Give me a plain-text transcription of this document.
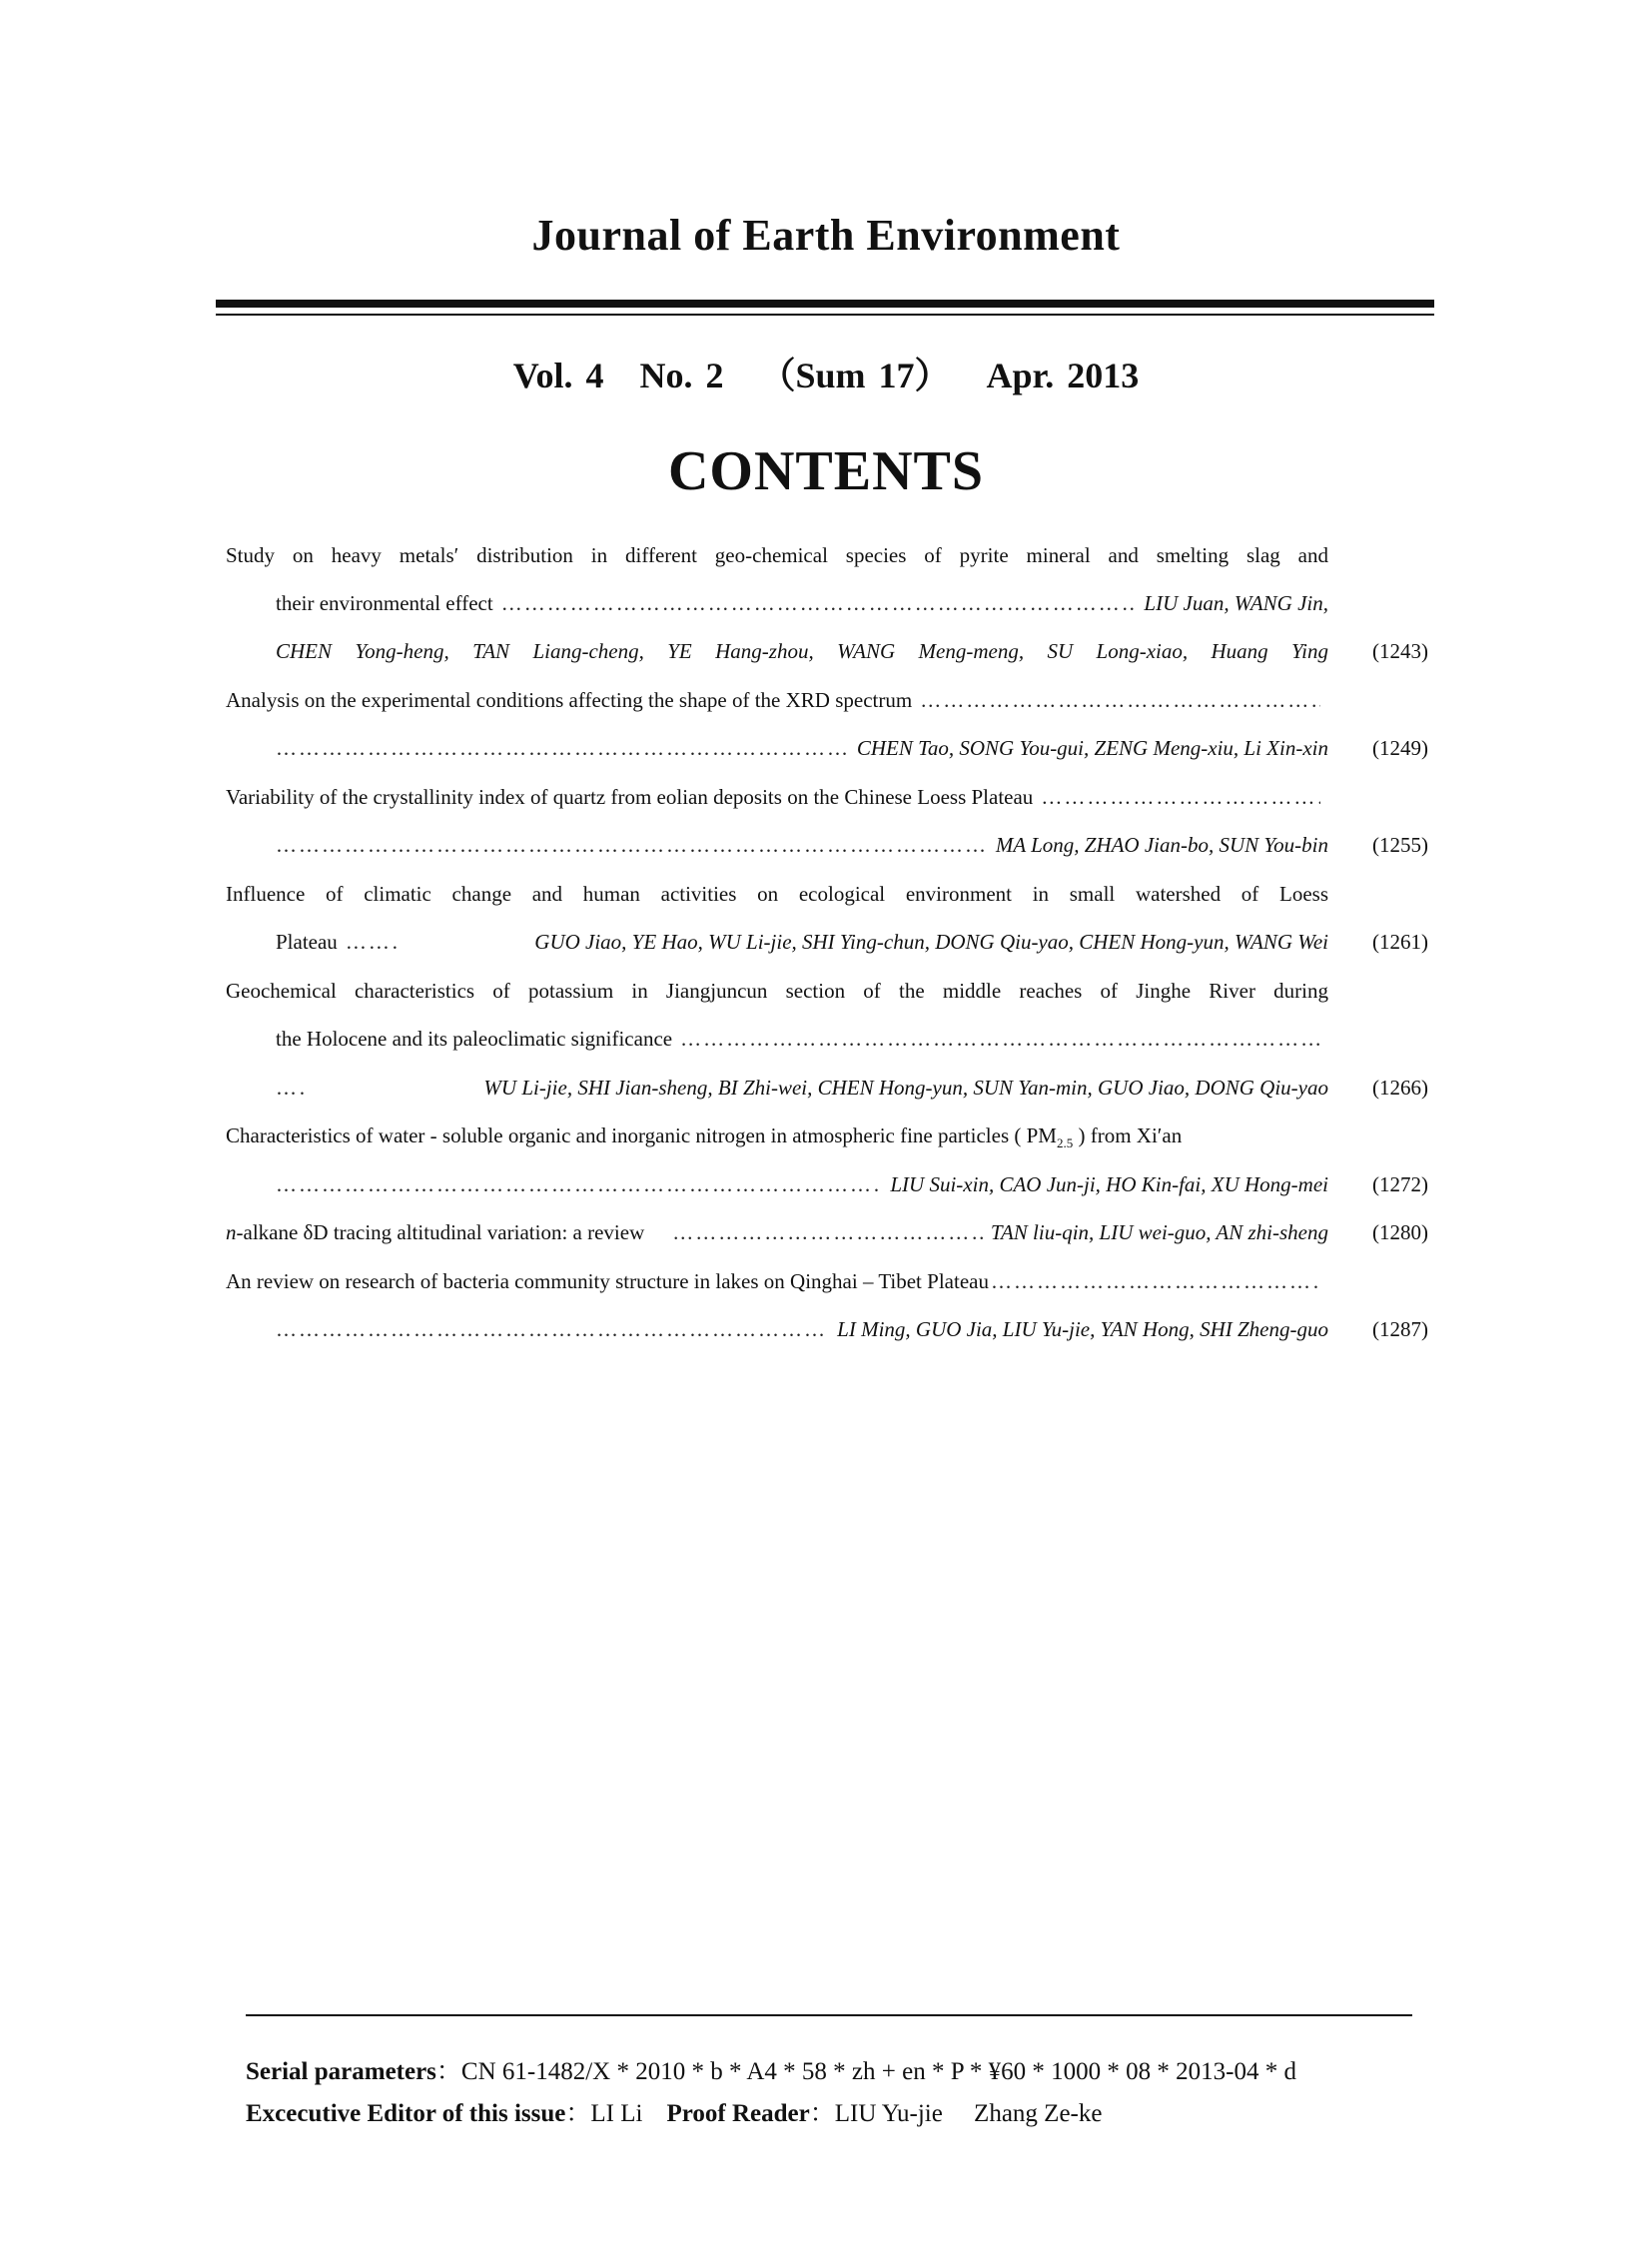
Journal of Earth Environment
Vol. 4 No. 2 （Sum 17） Apr. 2013
CONTENTS
Study on heavy metals′ distribution in different geo-chemical species of pyrite mineral and smelting slag and
their environmental effect …………………………………………………………………………………………………………………………………………………………………………………………	LIU Juan, WANG Jin,
CHEN Yong-heng, TAN Liang-cheng, YE Hang-zhou, WANG Meng-meng, SU Long-xiao, Huang Ying	(1243)
Analysis on the experimental conditions affecting the shape of the XRD spectrum
…………………………………………………………………………………………………………………………………………………………………………………………
…………………………………………………………………………………………………………………………………………………………………………………………
CHEN Tao, SONG You-gui, ZENG Meng-xiu, Li Xin-xin	(1249)
Variability of the crystallinity index of quartz from eolian deposits on the Chinese Loess Plateau
…………………………………………………………………………………………………………………………………………………………………………………………
…………………………………………………………………………………………………………………………………………………………………………………………
MA Long, ZHAO Jian-bo, SUN You-bin	(1255)
Influence of climatic change and human activities on ecological environment in small watershed of Loess
Plateau …………………………………………………………………………………………………………………………………………………………………………………………	GUO Jiao, YE Hao, WU Li-jie, SHI Ying-chun, DONG Qiu-yao, CHEN Hong-yun, WANG Wei	(1261)
Geochemical characteristics of potassium in Jiangjuncun section of the middle reaches of Jinghe River during
the Holocene and its paleoclimatic significance
…………………………………………………………………………………………………………………………………………………………………………………………
…………………………………………………………………………………………………………………………………………………………………………………………
WU Li-jie, SHI Jian-sheng, BI Zhi-wei, CHEN Hong-yun, SUN Yan-min, GUO Jiao, DONG Qiu-yao	(1266)
Characteristics of water - soluble organic and inorganic nitrogen in atmospheric fine particles ( $PM_{2.5}$ ) from Xi′an
…………………………………………………………………………………………………………………………………………………………………………………………
LIU Sui-xin, CAO Jun-ji, HO Kin-fai, XU Hong-mei	(1272)
n-alkane δD tracing altitudinal variation: a review …………………………………………………………………………………………………………………………………………………………………………………………	TAN liu-qin, LIU wei-guo, AN zhi-sheng	(1280)
An review on research of bacteria community structure in lakes on Qinghai – Tibet Plateau
…………………………………………………………………………………………………………………………………………………………………………………………
…………………………………………………………………………………………………………………………………………………………………………………………
LI Ming, GUO Jia, LIU Yu-jie, YAN Hong, SHI Zheng-guo	(1287)
Serial parameters：CN 61-1482/X * 2010 * b * A4 * 58 * zh + en * P * ¥60 * 1000 * 08 * 2013-04 * d
Excecutive Editor of this issue：LI Li Proof Reader：LIU Yu-jie     Zhang Ze-ke
